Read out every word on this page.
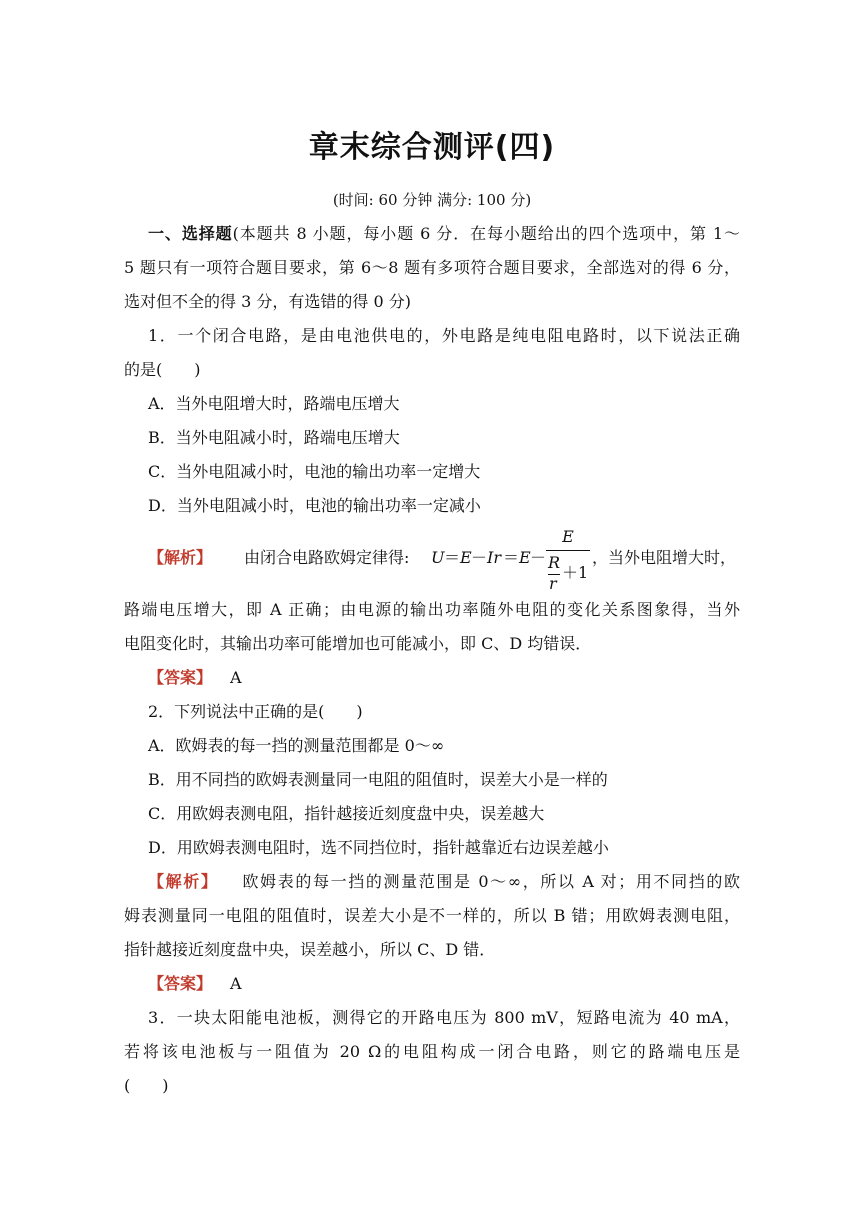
章末综合测评(四)
(时间: 60 分钟 满分: 100 分)
一、选择题(本题共 8 小题，每小题 6 分．在每小题给出的四个选项中，第 1～
5 题只有一项符合题目要求，第 6～8 题有多项符合题目要求，全部选对的得 6 分，
选对但不全的得 3 分，有选错的得 0 分)
1．一个闭合电路，是由电池供电的，外电路是纯电阻电路时，以下说法正确
的是(　　)
A．当外电阻增大时，路端电压增大
B．当外电阻减小时，路端电压增大
C．当外电阻减小时，电池的输出功率一定增大
D．当外电阻减小时，电池的输出功率一定减小
【解析】 由闭合电路欧姆定律得: U ＝ E － Ir ＝ E －
E
R
r
＋1
，当外电阻增大时，
路端电压增大，即 A 正确；由电源的输出功率随外电阻的变化关系图象得，当外
电阻变化时，其输出功率可能增加也可能减小，即 C、D 均错误．
【答案】 A
2．下列说法中正确的是(　　)
A．欧姆表的每一挡的测量范围都是 0～∞
B．用不同挡的欧姆表测量同一电阻的阻值时，误差大小是一样的
C．用欧姆表测电阻，指针越接近刻度盘中央，误差越大
D．用欧姆表测电阻时，选不同挡位时，指针越靠近右边误差越小
【解析】 欧姆表的每一挡的测量范围是 0～∞，所以 A 对；用不同挡的欧
姆表测量同一电阻的阻值时，误差大小是不一样的，所以 B 错；用欧姆表测电阻，
指针越接近刻度盘中央，误差越小，所以 C、D 错．
【答案】 A
3．一块太阳能电池板，测得它的开路电压为 800 mV，短路电流为 40 mA，
若将该电池板与一阻值为 20 Ω的电阻构成一闭合电路，则它的路端电压是
(　　)
